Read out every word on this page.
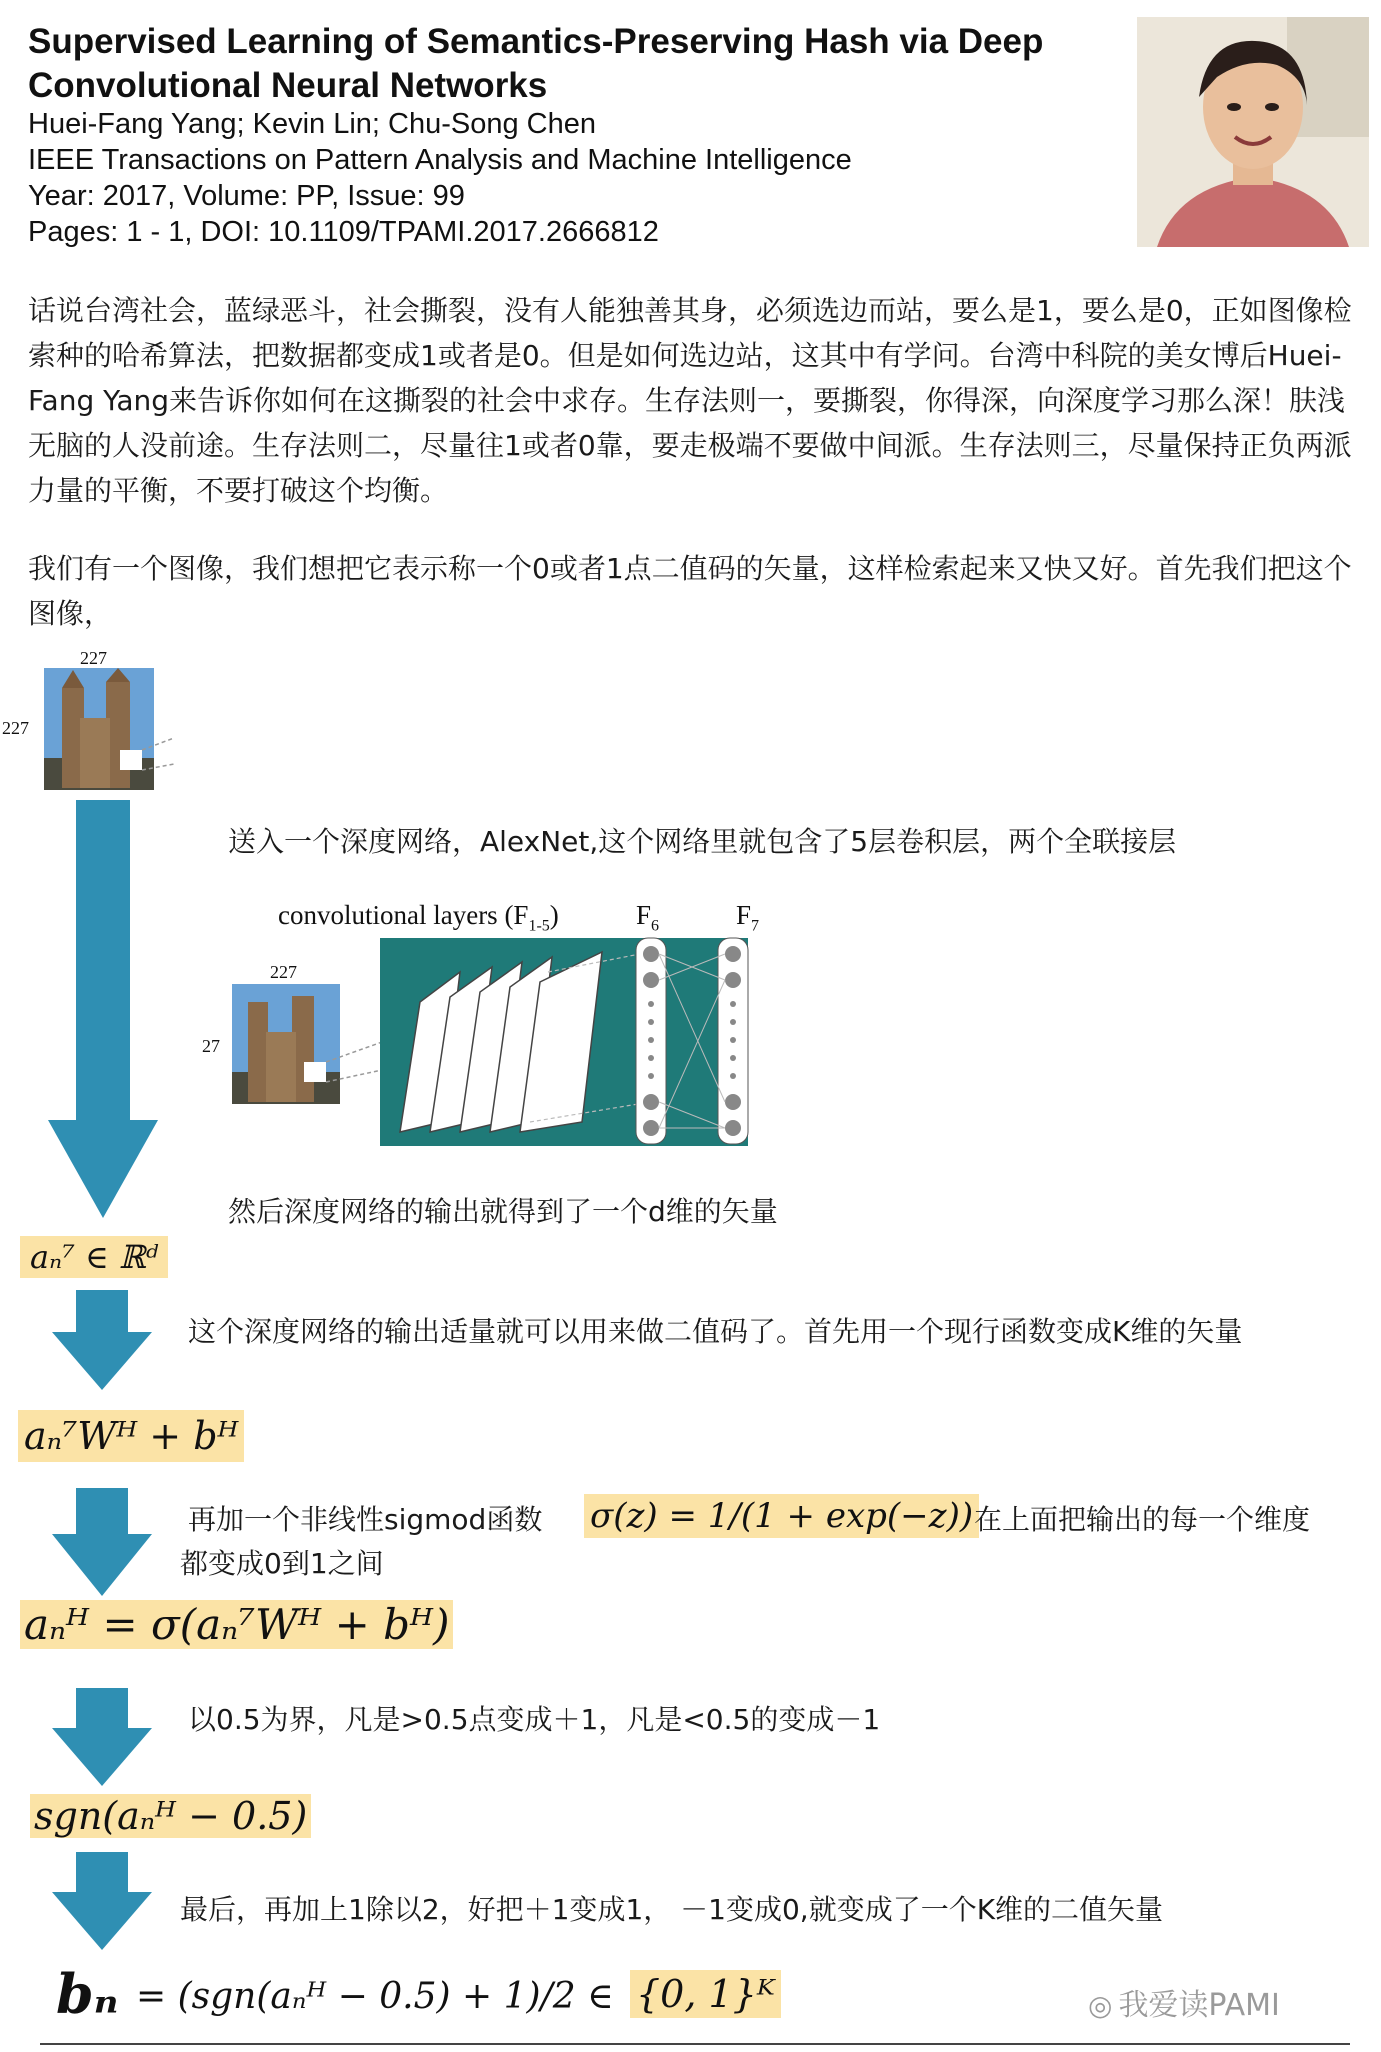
Supervised Learning of Semantics-Preserving Hash via Deep Convolutional Neural Networks
Huei-Fang Yang; Kevin Lin; Chu-Song Chen
IEEE Transactions on Pattern Analysis and Machine Intelligence
Year: 2017, Volume: PP, Issue: 99
Pages: 1 - 1, DOI: 10.1109/TPAMI.2017.2666812

话说台湾社会，蓝绿恶斗，社会撕裂，没有人能独善其身，必须选边而站，要么是1，要么是0，正如图像检索种的哈希算法，把数据都变成1或者是0。但是如何选边站，这其中有学问。台湾中科院的美女博后Huei-Fang Yang来告诉你如何在这撕裂的社会中求存。生存法则一，要撕裂，你得深，向深度学习那么深！肤浅无脑的人没前途。生存法则二，尽量往1或者0靠，要走极端不要做中间派。生存法则三，尽量保持正负两派力量的平衡，不要打破这个均衡。

我们有一个图像，我们想把它表示称一个0或者1点二值码的矢量，这样检索起来又快又好。首先我们把这个图像，

227
227
送入一个深度网络，AlexNet,这个网络里就包含了5层卷积层，两个全联接层
convolutional layers $(F_{1-5})$	$F_6$	$F_7$
227
27
然后深度网络的输出就得到了一个d维的矢量
aₙ⁷ ∈ ℝᵈ
这个深度网络的输出适量就可以用来做二值码了。首先用一个现行函数变成K维的矢量
aₙ⁷Wᴴ + bᴴ
再加一个非线性sigmod函数 σ(z) = 1/(1 + exp(−z)) 在上面把输出的每一个维度
都变成0到1之间
aₙᴴ = σ(aₙ⁷Wᴴ + bᴴ)
以0.5为界，凡是>0.5点变成＋1，凡是<0.5的变成－1
sgn(aₙᴴ − 0.5)
最后，再加上1除以2，好把＋1变成1， －1变成0,就变成了一个K维的二值矢量
bₙ = (sgn(aₙᴴ − 0.5) + 1)/2 ∈ {0, 1}ᴷ	◎ 我爱读PAMI
